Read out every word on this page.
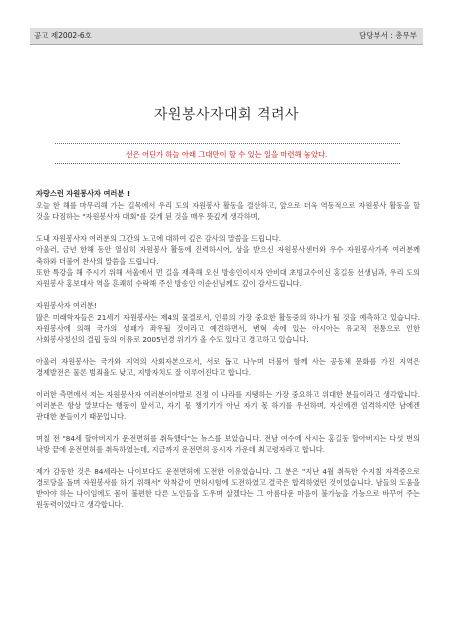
공고 제2002-6호	담당부서 : 총무부
자원봉사자대회 격려사
선은 어딘가 하늘 아래 그대만이 할 수 있는 일을 마련해 놓았다.

자랑스런 자원봉사자 여러분 !

오늘 한 해를 마무리해 가는 길목에서 우리 도의 자원봉사 활동을 결산하고, 앞으로 더욱 역동적으로 자원봉사 활동을 할 것을 다짐하는 "자원봉사자 대회"를 갖게 된 것을 매우 뜻깊게 생각하며,

도내 자원봉사자 여러분의 그간의 노고에 대하여 깊은 감사의 말씀을 드립니다.
아울러, 금년 한해 동안 열심히 자원봉사 활동에 진력하시어, 상을 받으신 자원봉사센터와 우수 자원봉사가족 여러분께 축하와 더불어 찬사의 말씀을 드립니다.
또한 특강을 해 주시기 위해 서울에서 먼 길을 재촉해 오신 방송인이시자 안비대 초빙교수이신 홍길동 선생님과, 우리 도의 자원봉사 홍보대사 역을 흔쾌히 수락해 주신 방송인 이순신님께도 깊이 감사드립니다.

자원봉사자 여러분!

많은 미래학자들은 21세기 자원봉사는 제4의 물결로서, 인류의 가장 중요한 활동중의 하나가 될 것을 예측하고 있습니다. 자원봉사에 의해 국가의 성패가 좌우될 것이라고 예견하면서, 변혁 속에 있는 아시아는 유교적 전통으로 인한 사회봉사정신의 결핍 등의 이유로 2005년경 위기가 올 수도 있다고 경고하고 있습니다.

아울러 자원봉사는 국가와 지역의 사회자본으로서, 서로 돕고 나누며 더불어 함께 사는 공동체 문화를 가진 지역은 경제발전은 물론 범죄율도 낮고, 지방자치도 잘 이루어진다고 합니다.

이러한 측면에서 저는 자원봉사자 여러분이야말로 진정 이 나라를 지탱하는 가장 중요하고 위대한 분들이라고 생각합니다. 여러분은 항상 말보다는 행동이 앞서고, 자기 몫 챙기기가 아닌 자기 몫 하기를 우선하며, 자신에겐 엄격하지만 남에겐 관대한 분들이기 때문입니다.

며칠 전 "84세 할아버지가 운전면허를 취득했다"는 뉴스를 보았습니다. 전남 여수에 사시는 홍길동 할아버지는 다섯 번의 낙방 끝에 운전면허를 취득하였는데, 지금까지 운전면허 응시자 가운데 최고령자라고 합니다.

제가 감동한 것은 84세라는 나이보다도 운전면허에 도전한 이유였습니다. 그 분은 "지난 4월 취득한 수지침 자격증으로 경로당을 돌며 자원봉사를 하기 위해서" 악착같이 면허시험에 도전하였고 결국은 합격하였던 것이었습니다. 남들의 도움을 받아야 하는 나이임에도 몸이 불편한 다른 노인들을 도우며 살겠다는 그 아름다운 마음이 불가능을 가능으로 바꾸어 주는 원동력이었다고 생각합니다.
